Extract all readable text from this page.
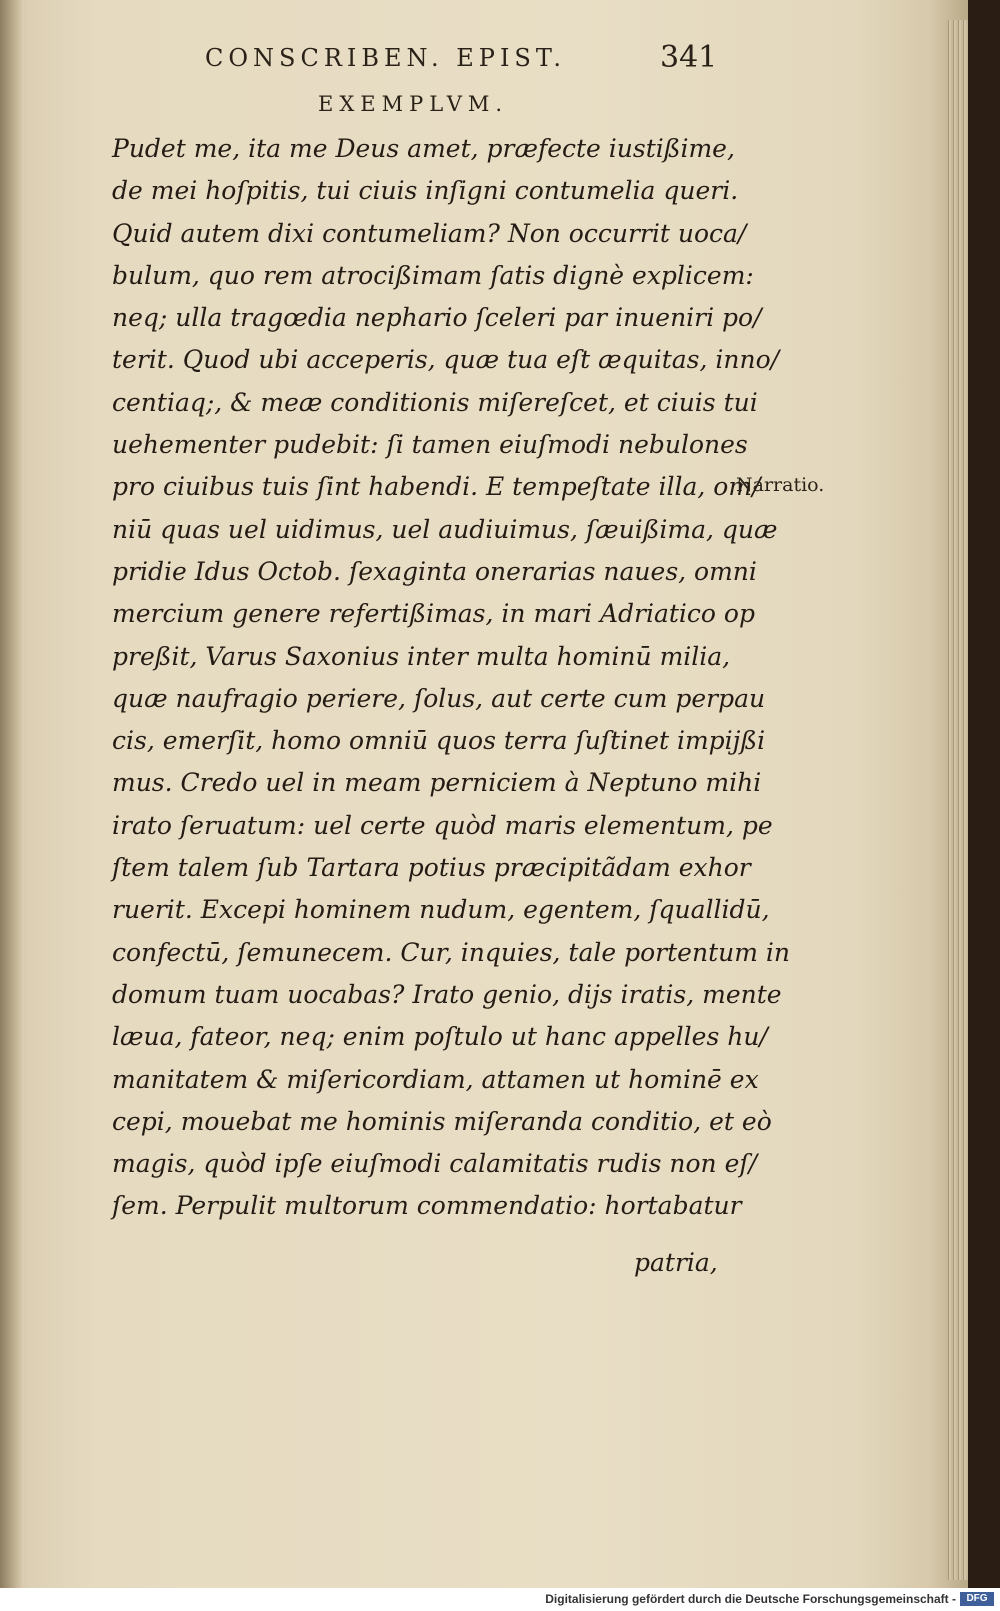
CONSCRIBEN. EPIST.	341
EXEMPLVM.
Pudet me, ita me Deus amet, præfecte iustißime,
de mei hoſpitis, tui ciuis inſigni contumelia queri.
Quid autem dixi contumeliam? Non occurrit uoca/
bulum, quo rem atrocißimam ſatis dignè explicem:
neq; ulla tragœdia nephario ſceleri par inueniri po/
terit. Quod ubi acceperis, quæ tua eſt æquitas, inno/
centiaq;, & meæ conditionis miſereſcet, et ciuis tui
uehementer pudebit: ſi tamen eiuſmodi nebulones
pro ciuibus tuis ſint habendi. E tempeſtate illa, om/
niū quas uel uidimus, uel audiuimus, ſæuißima, quæ
pridie Idus Octob. ſexaginta onerarias naues, omni
mercium genere refertißimas, in mari Adriatico op
preßit, Varus Saxonius inter multa hominū milia,
quæ naufragio periere, ſolus, aut certe cum perpau
cis, emerſit, homo omniū quos terra ſuſtinet impijßi
mus. Credo uel in meam perniciem à Neptuno mihi
irato ſeruatum: uel certe quòd maris elementum, pe
ſtem talem ſub Tartara potius præcipitãdam exhor
ruerit. Excepi hominem nudum, egentem, ſquallidū,
confectū, ſemunecem. Cur, inquies, tale portentum in
domum tuam uocabas? Irato genio, dijs iratis, mente
læua, fateor, neq; enim poſtulo ut hanc appelles hu/
manitatem & miſericordiam, attamen ut hominē ex
cepi, mouebat me hominis miſeranda conditio, et eò
magis, quòd ipſe eiuſmodi calamitatis rudis non eſ/
ſem. Perpulit multorum commendatio: hortabatur
Narratio.
patria,
Digitalisierung gefördert durch die Deutsche Forschungsgemeinschaft -	DFG
